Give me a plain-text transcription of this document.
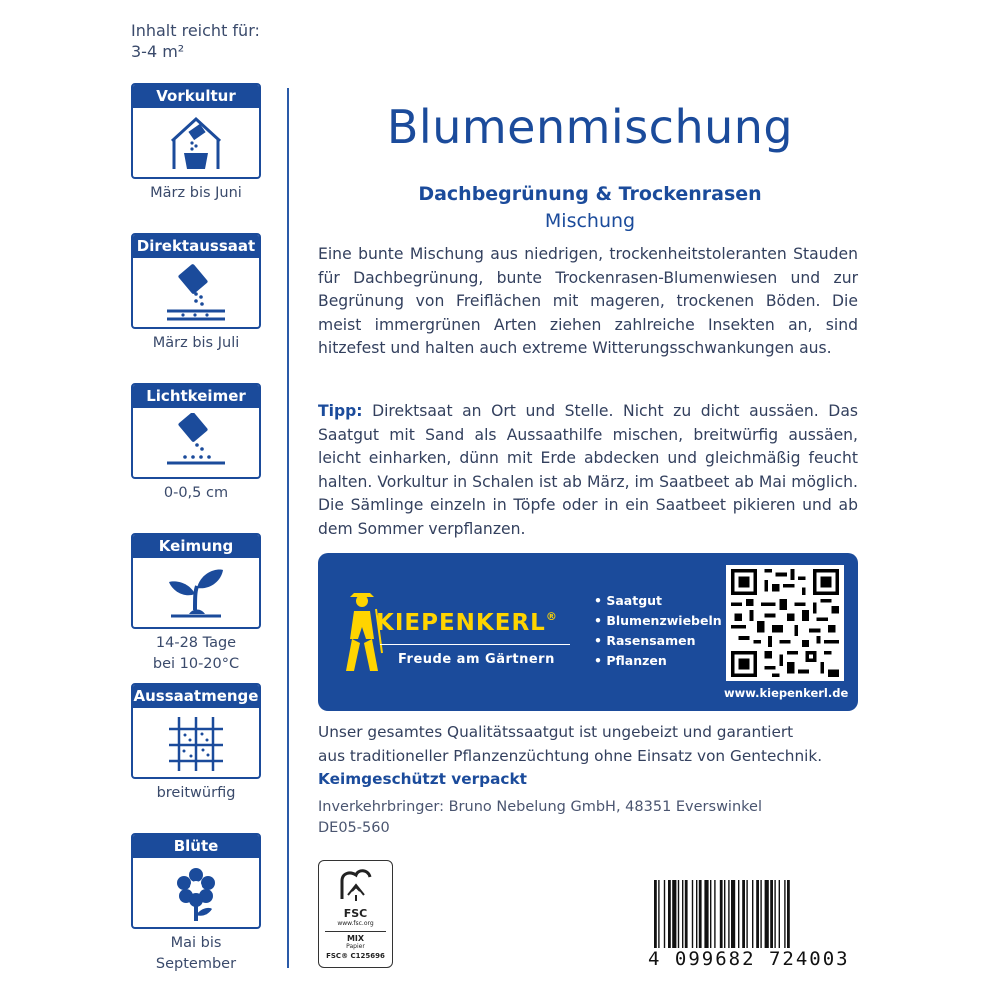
Inhalt reicht für:
3-4 m²
Vorkultur
März bis Juni
Direktaussaat
März bis Juli
Lichtkeimer
0-0,5 cm
Keimung
14-28 Tage
bei 10-20°C
Aussaatmenge
breitwürfig
Blüte
Mai bis
September
Blumenmischung
Dachbegrünung & Trockenrasen
Mischung
Eine bunte Mischung aus niedrigen, trockenheitstoleranten Stauden für Dachbegrünung, bunte Trockenrasen-Blumenwiesen und zur Begrünung von Freiflächen mit mageren, trockenen Böden. Die meist immergrünen Arten ziehen zahlreiche Insekten an, sind hitzefest und halten auch extreme Witterungsschwankungen aus.
Tipp: Direktsaat an Ort und Stelle. Nicht zu dicht aussäen. Das Saatgut mit Sand als Aussaathilfe mischen, breitwürfig aussäen, leicht einharken, dünn mit Erde abdecken und gleichmäßig feucht halten. Vorkultur in Schalen ist ab März, im Saatbeet ab Mai möglich. Die Sämlinge einzeln in Töpfe oder in ein Saatbeet pikieren und ab dem Sommer verpflanzen.
KIEPENKERL®
Freude am Gärtnern
• Saatgut
• Blumenzwiebeln
• Rasensamen
• Pflanzen
www.kiepenkerl.de
Unser gesamtes Qualitätssaatgut ist ungebeizt und garantiert
aus traditioneller Pflanzenzüchtung ohne Einsatz von Gentechnik.
Keimgeschützt verpackt
Inverkehrbringer: Bruno Nebelung GmbH, 48351 Everswinkel
DE05-560
FSC
www.fsc.org
MIX
Papier
FSC® C125696	4 099682 724003
